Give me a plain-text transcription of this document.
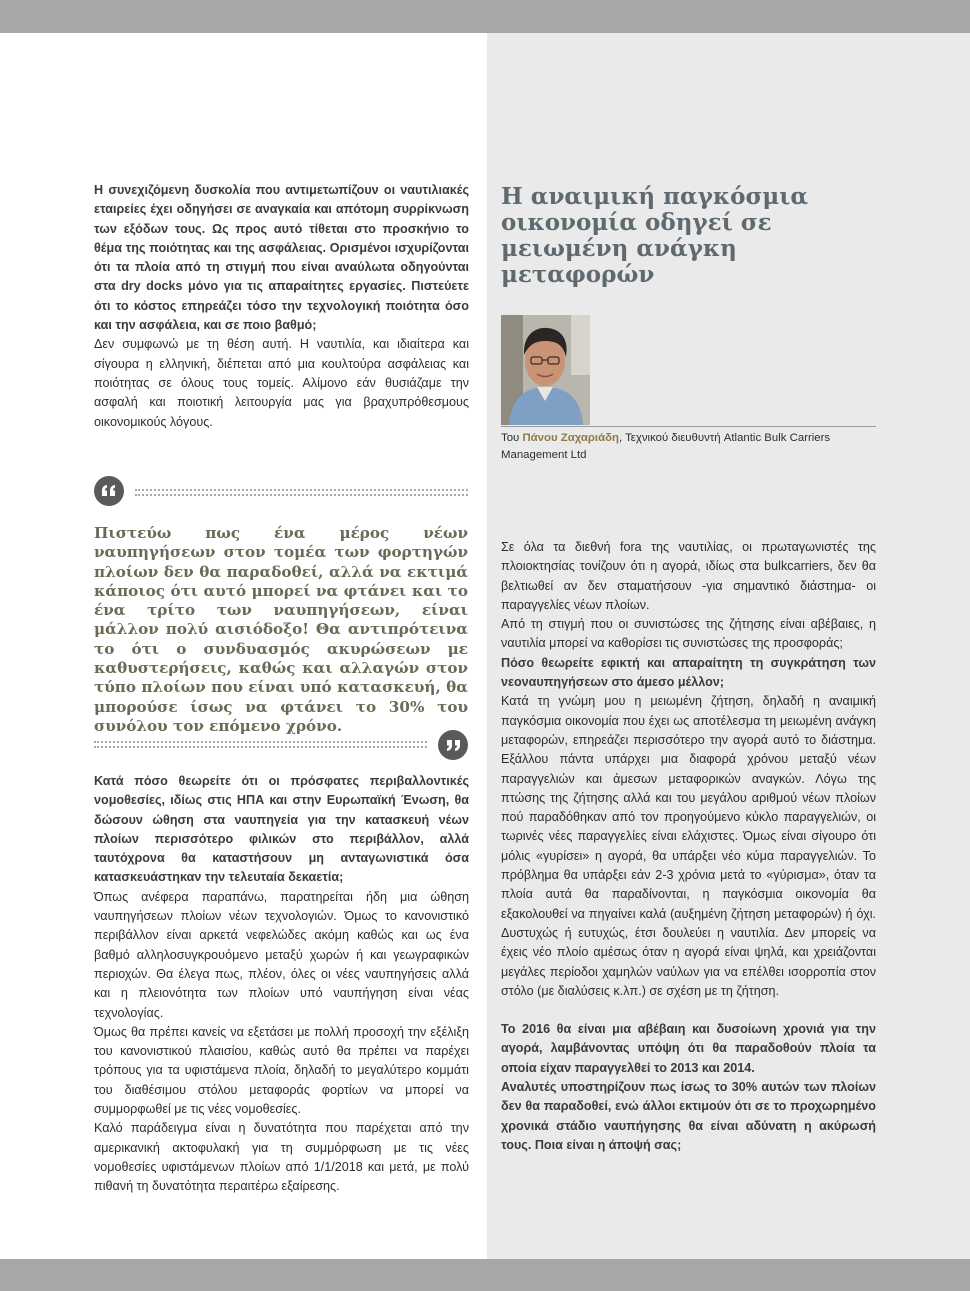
Η συνεχιζόμενη δυσκολία που αντιμετωπίζουν οι ναυτιλιακές εταιρείες έχει οδηγήσει σε αναγκαία και απότομη συρρίκνωση των εξόδων τους. Ως προς αυτό τίθεται στο προσκήνιο το θέμα της ποιότητας και της ασφάλειας. Ορισμένοι ισχυρίζονται ότι τα πλοία από τη στιγμή που είναι αναύλωτα οδηγούνται στα dry docks μόνο για τις απαραίτητες εργασίες. Πιστεύετε ότι το κόστος επηρεάζει τόσο την τεχνολογική ποιότητα όσο και την ασφάλεια, και σε ποιο βαθμό;

Δεν συμφωνώ με τη θέση αυτή. Η ναυτιλία, και ιδιαίτερα και σίγουρα η ελληνική, διέπεται από μια κουλτούρα ασφάλειας και ποιότητας σε όλους τους τομείς. Αλίμονο εάν θυσιάζαμε την ασφαλή και ποιοτική λειτουργία μας για βραχυπρόθεσμους οικονομικούς λόγους.

Η αναιμική παγκόσμια οικονομία οδηγεί σε μειωμένη ανάγκη μεταφορών
Του Πάνου Ζαχαριάδη, Τεχνικού διευθυντή Atlantic Bulk Carriers Management Ltd

Πιστεύω πως ένα μέρος νέων ναυπηγήσεων στον τομέα των φορτηγών πλοίων δεν θα παραδοθεί, αλλά να εκτιμά κάποιος ότι αυτό μπορεί να φτάνει και το ένα τρίτο των ναυπηγήσεων, είναι μάλλον πολύ αισιόδοξο! Θα αντιπρότεινα το ότι ο συνδυασμός ακυρώσεων με καθυστερήσεις, καθώς και αλλαγών στον τύπο πλοίων που είναι υπό κατασκευή, θα μπορούσε ίσως να φτάνει το 30% του συνόλου τον επόμενο χρόνο.

Κατά πόσο θεωρείτε ότι οι πρόσφατες περιβαλλοντικές νομοθεσίες, ιδίως στις ΗΠΑ και στην Ευρωπαϊκή Ένωση, θα δώσουν ώθηση στα ναυπηγεία για την κατασκευή νέων πλοίων περισσότερο φιλικών στο περιβάλλον, αλλά ταυτόχρονα θα καταστήσουν μη ανταγωνιστικά όσα κατασκευάστηκαν την τελευταία δεκαετία;

Όπως ανέφερα παραπάνω, παρατηρείται ήδη μια ώθηση ναυπηγήσεων πλοίων νέων τεχνολογιών. Όμως το κανονιστικό περιβάλλον είναι αρκετά νεφελώδες ακόμη καθώς και ως ένα βαθμό αλληλοσυγκρουόμενο μεταξύ χωρών ή και γεωγραφικών περιοχών. Θα έλεγα πως, πλέον, όλες οι νέες ναυπηγήσεις αλλά και η πλειονότητα των πλοίων υπό ναυπήγηση είναι νέας τεχνολογίας.

Όμως θα πρέπει κανείς να εξετάσει με πολλή προσοχή την εξέλιξη του κανονιστικού πλαισίου, καθώς αυτό θα πρέπει να παρέχει τρόπους για τα υφιστάμενα πλοία, δηλαδή το μεγαλύτερο κομμάτι του διαθέσιμου στόλου μεταφοράς φορτίων να μπορεί να συμμορφωθεί με τις νέες νομοθεσίες.

Καλό παράδειγμα είναι η δυνατότητα που παρέχεται από την αμερικανική ακτοφυλακή για τη συμμόρφωση με τις νέες νομοθεσίες υφιστάμενων πλοίων από 1/1/2018 και μετά, με πολύ πιθανή τη δυνατότητα περαιτέρω εξαίρεσης.

Σε όλα τα διεθνή fora της ναυτιλίας, οι πρωταγωνιστές της πλοιοκτησίας τονίζουν ότι η αγορά, ιδίως στα bulkcarriers, δεν θα βελτιωθεί αν δεν σταματήσουν -για σημαντικό διάστημα- οι παραγγελίες νέων πλοίων.

Από τη στιγμή που οι συνιστώσες της ζήτησης είναι αβέβαιες, η ναυτιλία μπορεί να καθορίσει τις συνιστώσες της προσφοράς;

Πόσο θεωρείτε εφικτή και απαραίτητη τη συγκράτηση των νεοναυπηγήσεων στο άμεσο μέλλον;

Κατά τη γνώμη μου η μειωμένη ζήτηση, δηλαδή η αναιμική παγκόσμια οικονομία που έχει ως αποτέλεσμα τη μειωμένη ανάγκη μεταφορών, επηρεάζει περισσότερο την αγορά αυτό το διάστημα. Εξάλλου πάντα υπάρχει μια διαφορά χρόνου μεταξύ νέων παραγγελιών και άμεσων μεταφορικών αναγκών. Λόγω της πτώσης της ζήτησης αλλά και του μεγάλου αριθμού νέων πλοίων πού παραδόθηκαν από τον προηγούμενο κύκλο παραγγελιών, οι τωρινές νέες παραγγελίες είναι ελάχιστες. Όμως είναι σίγουρο ότι μόλις «γυρίσει» η αγορά, θα υπάρξει νέο κύμα παραγγελιών. Το πρόβλημα θα υπάρξει εάν 2-3 χρόνια μετά το «γύρισμα», όταν τα πλοία αυτά θα παραδίνονται, η παγκόσμια οικονομία θα εξακολουθεί να πηγαίνει καλά (αυξημένη ζήτηση μεταφορών) ή όχι. Δυστυχώς ή ευτυχώς, έτσι δουλεύει η ναυτιλία. Δεν μπορείς να έχεις νέο πλοίο αμέσως όταν η αγορά είναι ψηλά, και χρειάζονται μεγάλες περίοδοι χαμηλών ναύλων για να επέλθει ισορροπία στον στόλο (με διαλύσεις κ.λπ.) σε σχέση με τη ζήτηση.

Το 2016 θα είναι μια αβέβαιη και δυσοίωνη χρονιά για την αγορά, λαμβάνοντας υπόψη ότι θα παραδοθούν πλοία τα οποία είχαν παραγγελθεί το 2013 και 2014.

Αναλυτές υποστηρίζουν πως ίσως το 30% αυτών των πλοίων δεν θα παραδοθεί, ενώ άλλοι εκτιμούν ότι σε το προχωρημένο χρονικά στάδιο ναυπήγησης θα είναι αδύνατη η ακύρωσή τους. Ποια είναι η άποψή σας;
